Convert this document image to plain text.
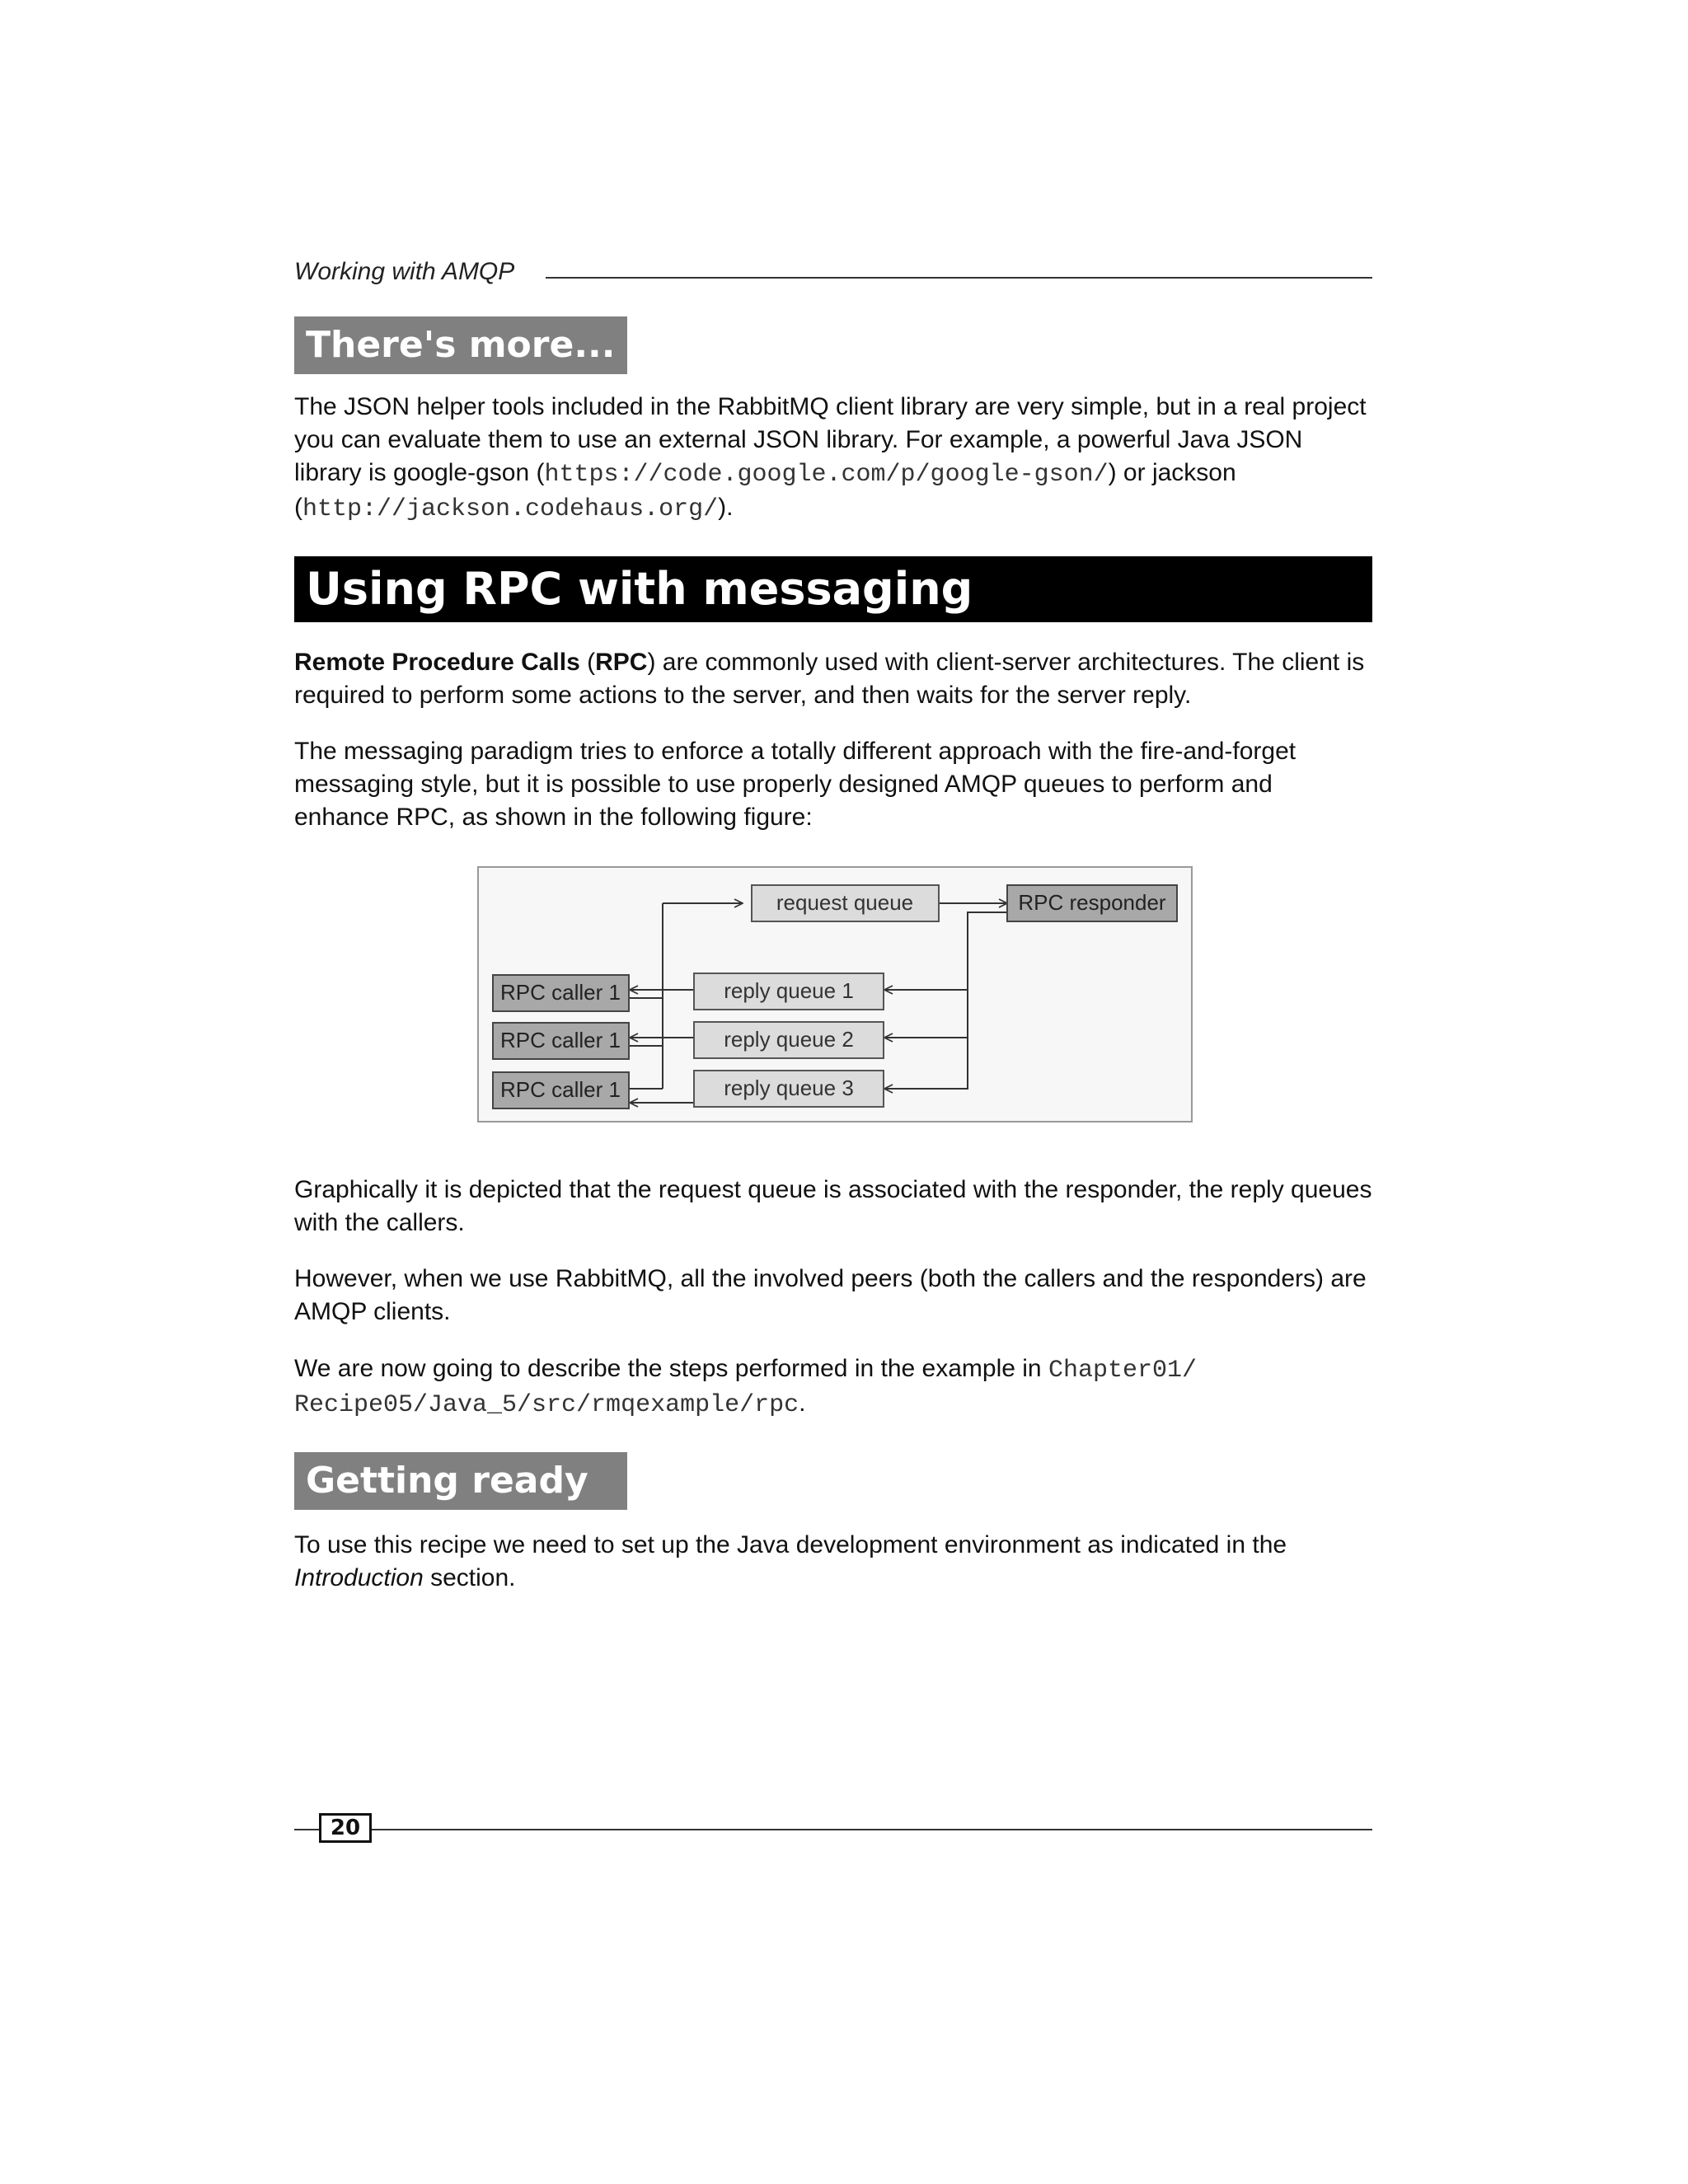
Working with AMQP
There's more...

The JSON helper tools included in the RabbitMQ client library are very simple, but in a real project you can evaluate them to use an external JSON library. For example, a powerful Java JSON library is google-gson (https://code.google.com/p/google-gson/) or jackson (http://jackson.codehaus.org/).

Using RPC with messaging

Remote Procedure Calls (RPC) are commonly used with client-server architectures. The client is required to perform some actions to the server, and then waits for the server reply.

The messaging paradigm tries to enforce a totally different approach with the fire-and-forget messaging style, but it is possible to use properly designed AMQP queues to perform and enhance RPC, as shown in the following figure:

request queue	RPC responder
RPC caller 1
RPC caller 1
RPC caller 1
reply queue 1
reply queue 2
reply queue 3

Graphically it is depicted that the request queue is associated with the responder, the reply queues with the callers.

However, when we use RabbitMQ, all the involved peers (both the callers and the responders) are AMQP clients.

We are now going to describe the steps performed in the example in Chapter01/ Recipe05/Java_5/src/rmqexample/rpc.

Getting ready

To use this recipe we need to set up the Java development environment as indicated in the Introduction section.

20
